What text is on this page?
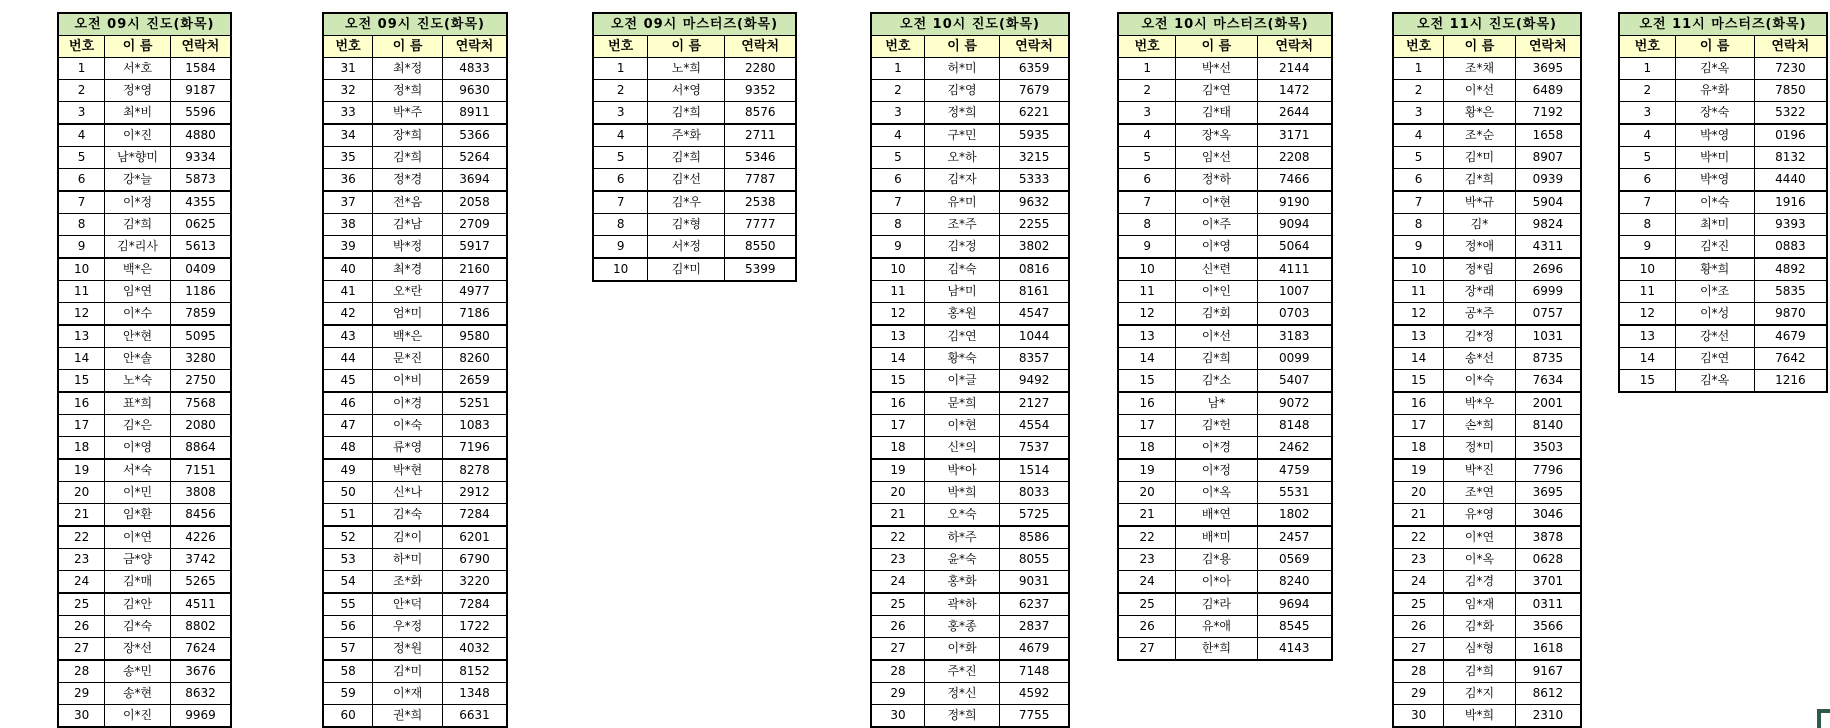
오전 09시 진도(화목)		
번호	이 름	연락처
1	서*호	1584
2	정*영	9187
3	최*비	5596
4	이*진	4880
5	남*향미	9334
6	강*늘	5873
7	이*정	4355
8	김*희	0625
9	김*리사	5613
10	백*은	0409
11	임*연	1186
12	이*수	7859
13	안*현	5095
14	안*솔	3280
15	노*숙	2750
16	표*희	7568
17	김*은	2080
18	이*영	8864
19	서*숙	7151
20	이*민	3808
21	임*환	8456
22	이*연	4226
23	금*양	3742
24	김*매	5265
25	김*안	4511
26	김*숙	8802
27	장*선	7624
28	송*민	3676
29	송*현	8632
30	이*진	9969
오전 09시 진도(화목)		
번호	이 름	연락처
31	최*정	4833
32	정*희	9630
33	박*주	8911
34	장*희	5366
35	김*희	5264
36	정*경	3694
37	전*음	2058
38	김*남	2709
39	박*정	5917
40	최*경	2160
41	오*란	4977
42	엄*미	7186
43	백*은	9580
44	문*진	8260
45	이*비	2659
46	이*경	5251
47	이*숙	1083
48	류*영	7196
49	박*현	8278
50	신*나	2912
51	김*숙	7284
52	김*이	6201
53	하*미	6790
54	조*화	3220
55	안*덕	7284
56	우*정	1722
57	정*원	4032
58	김*미	8152
59	이*재	1348
60	권*희	6631
오전 09시 마스터즈(화목)		
번호	이 름	연락처
1	노*희	2280
2	서*영	9352
3	김*희	8576
4	주*화	2711
5	김*희	5346
6	김*선	7787
7	김*우	2538
8	김*형	7777
9	서*정	8550
10	김*미	5399
오전 10시 진도(화목)		
번호	이 름	연락처
1	허*미	6359
2	김*영	7679
3	정*희	6221
4	구*민	5935
5	오*하	3215
6	김*자	5333
7	유*미	9632
8	조*주	2255
9	김*정	3802
10	김*숙	0816
11	남*미	8161
12	홍*원	4547
13	김*연	1044
14	황*숙	8357
15	이*글	9492
16	문*희	2127
17	이*현	4554
18	신*의	7537
19	박*아	1514
20	박*희	8033
21	오*숙	5725
22	하*주	8586
23	윤*숙	8055
24	홍*화	9031
25	곽*하	6237
26	홍*종	2837
27	이*화	4679
28	주*진	7148
29	정*신	4592
30	정*희	7755
오전 10시 마스터즈(화목)		
번호	이 름	연락처
1	박*선	2144
2	김*연	1472
3	김*태	2644
4	장*옥	3171
5	임*선	2208
6	정*하	7466
7	이*현	9190
8	이*주	9094
9	이*영	5064
10	신*련	4111
11	이*인	1007
12	김*회	0703
13	이*선	3183
14	김*희	0099
15	김*소	5407
16	남*	9072
17	김*헌	8148
18	이*경	2462
19	이*정	4759
20	이*옥	5531
21	배*연	1802
22	배*미	2457
23	김*용	0569
24	이*아	8240
25	김*라	9694
26	유*애	8545
27	한*희	4143
오전 11시 진도(화목)		
번호	이 름	연락처
1	조*채	3695
2	이*선	6489
3	황*은	7192
4	조*순	1658
5	김*미	8907
6	김*희	0939
7	박*규	5904
8	김*	9824
9	정*애	4311
10	정*림	2696
11	장*래	6999
12	공*주	0757
13	김*정	1031
14	송*선	8735
15	이*숙	7634
16	박*우	2001
17	손*희	8140
18	정*미	3503
19	박*진	7796
20	조*연	3695
21	유*영	3046
22	이*연	3878
23	이*옥	0628
24	김*경	3701
25	임*재	0311
26	김*화	3566
27	심*형	1618
28	김*희	9167
29	김*지	8612
30	박*희	2310
오전 11시 마스터즈(화목)		
번호	이 름	연락처
1	김*옥	7230
2	유*화	7850
3	장*숙	5322
4	박*영	0196
5	박*미	8132
6	박*영	4440
7	이*숙	1916
8	최*미	9393
9	김*진	0883
10	황*희	4892
11	이*조	5835
12	이*성	9870
13	강*선	4679
14	김*연	7642
15	김*옥	1216
